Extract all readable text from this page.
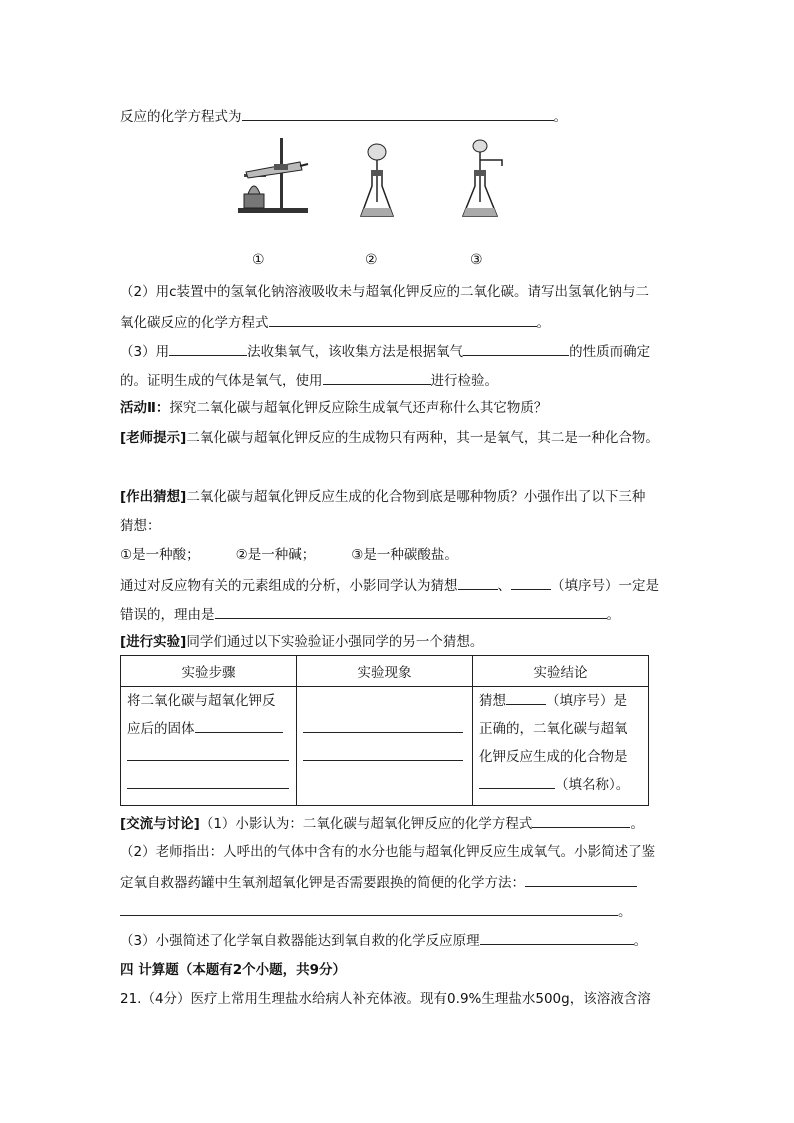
反应的化学方程式为	。
①	②	③
（2）用c装置中的氢氧化钠溶液吸收未与超氧化钾反应的二氧化碳。请写出氢氧化钠与二
氧化碳反应的化学方程式	。
（3）用	法收集氧气，该收集方法是根据氧气	的性质而确定
的。证明生成的气体是氧气，使用	进行检验。
活动Ⅱ：探究二氧化碳与超氧化钾反应除生成氧气还声称什么其它物质？
[老师提示]二氧化碳与超氧化钾反应的生成物只有两种，其一是氧气，其二是一种化合物。
[作出猜想]二氧化碳与超氧化钾反应生成的化合物到底是哪种物质？小强作出了以下三种
猜想：
①是一种酸；	②是一种碱；	③是一种碳酸盐。
通过对反应物有关的元素组成的分析，小影同学认为猜想	、	（填序号）一定是
错误的，理由是	。
[进行实验]同学们通过以下实验验证小强同学的另一个猜想。
实验步骤	实验现象	实验结论

将二氧化碳与超氧化钾反
应后的固体		猜想 （填序号）是
正确的，二氧化碳与超氧
化钾反应生成的化合物是
（填名称）。
[交流与讨论]（1）小影认为：二氧化碳与超氧化钾反应的化学方程式	。
（2）老师指出：人呼出的气体中含有的水分也能与超氧化钾反应生成氧气。小影简述了鉴
定氧自救器药罐中生氧剂超氧化钾是否需要跟换的简便的化学方法：
。
（3）小强简述了化学氧自救器能达到氧自救的化学反应原理	。
四 计算题（本题有2个小题，共9分）
21.（4分）医疗上常用生理盐水给病人补充体液。现有0.9%生理盐水500g，该溶液含溶
